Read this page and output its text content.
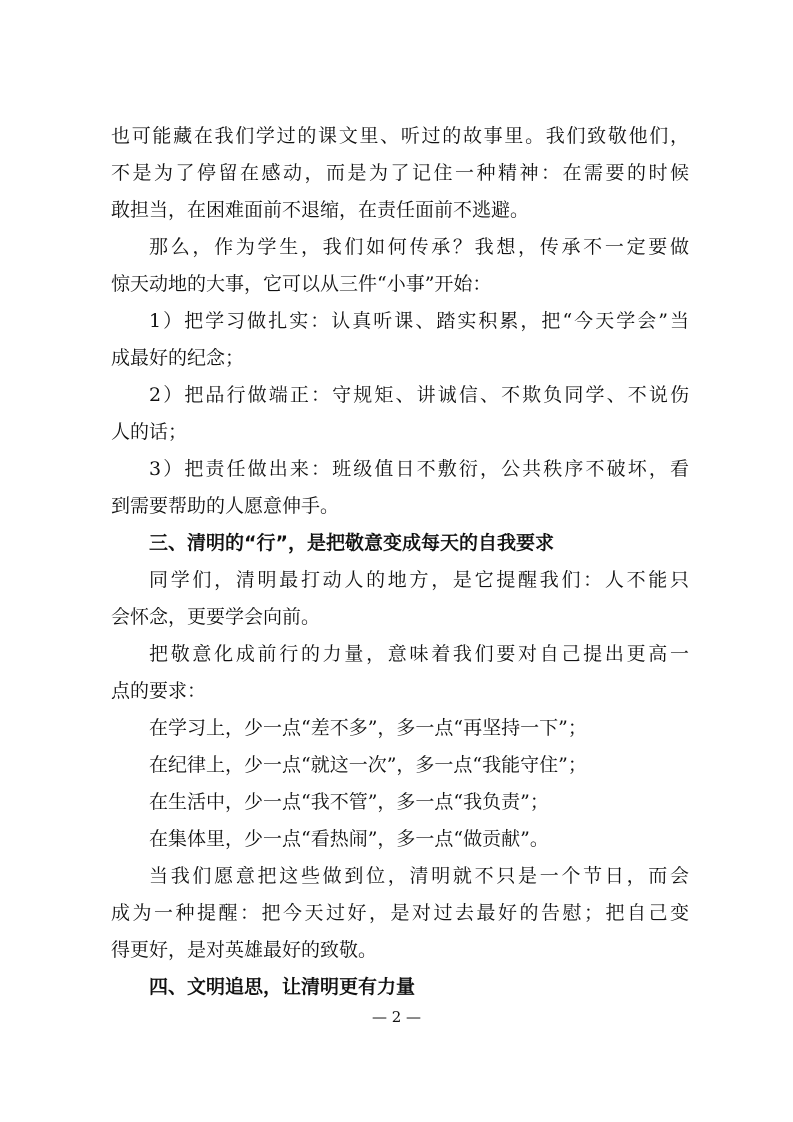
也可能藏在我们学过的课文里、听过的故事里。我们致敬他们，
不是为了停留在感动，而是为了记住一种精神：在需要的时候
敢担当，在困难面前不退缩，在责任面前不逃避。
那么，作为学生，我们如何传承？我想，传承不一定要做
惊天动地的大事，它可以从三件“小事”开始：
1）把学习做扎实：认真听课、踏实积累，把“今天学会”当
成最好的纪念；
2）把品行做端正：守规矩、讲诚信、不欺负同学、不说伤
人的话；
3）把责任做出来：班级值日不敷衍，公共秩序不破坏，看
到需要帮助的人愿意伸手。
三、清明的“行”，是把敬意变成每天的自我要求
同学们，清明最打动人的地方，是它提醒我们：人不能只
会怀念，更要学会向前。
把敬意化成前行的力量，意味着我们要对自己提出更高一
点的要求：
在学习上，少一点“差不多”，多一点“再坚持一下”；
在纪律上，少一点“就这一次”，多一点“我能守住”；
在生活中，少一点“我不管”，多一点“我负责”；
在集体里，少一点“看热闹”，多一点“做贡献”。
当我们愿意把这些做到位，清明就不只是一个节日，而会
成为一种提醒：把今天过好，是对过去最好的告慰；把自己变
得更好，是对英雄最好的致敬。
四、文明追思，让清明更有力量
— 2 —
